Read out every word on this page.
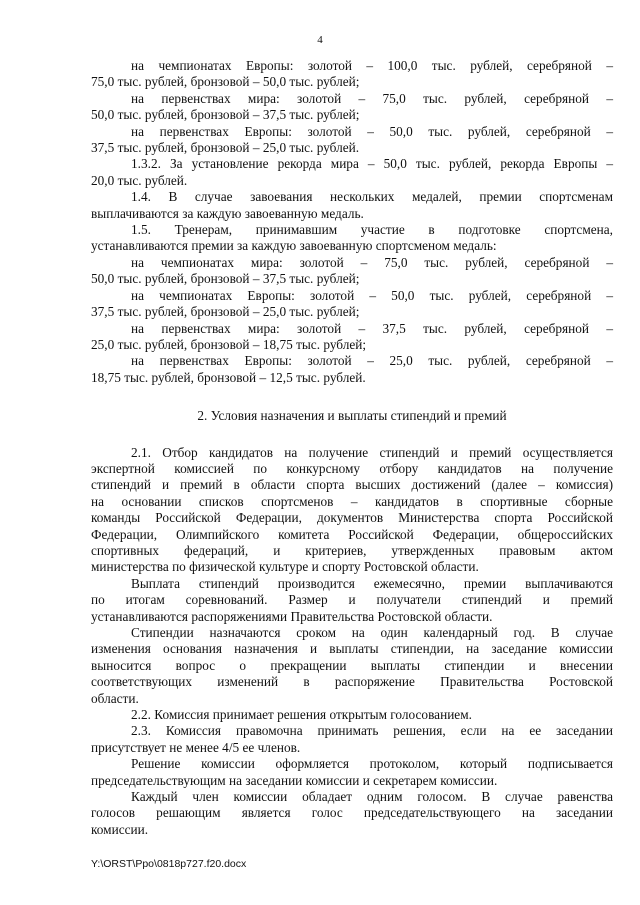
4
на чемпионатах Европы: золотой – 100,0 тыс. рублей, серебряной –
75,0 тыс. рублей, бронзовой – 50,0 тыс. рублей;
на первенствах мира: золотой – 75,0 тыс. рублей, серебряной –
50,0 тыс. рублей, бронзовой – 37,5 тыс. рублей;
на первенствах Европы: золотой – 50,0 тыс. рублей, серебряной –
37,5 тыс. рублей, бронзовой – 25,0 тыс. рублей.
1.3.2. За установление рекорда мира – 50,0 тыс. рублей, рекорда Европы –
20,0 тыс. рублей.
1.4. В случае завоевания нескольких медалей, премии спортсменам
выплачиваются за каждую завоеванную медаль.
1.5. Тренерам, принимавшим участие в подготовке спортсмена,
устанавливаются премии за каждую завоеванную спортсменом медаль:
на чемпионатах мира: золотой – 75,0 тыс. рублей, серебряной –
50,0 тыс. рублей, бронзовой – 37,5 тыс. рублей;
на чемпионатах Европы: золотой – 50,0 тыс. рублей, серебряной –
37,5 тыс. рублей, бронзовой – 25,0 тыс. рублей;
на первенствах мира: золотой – 37,5 тыс. рублей, серебряной –
25,0 тыс. рублей, бронзовой – 18,75 тыс. рублей;
на первенствах Европы: золотой – 25,0 тыс. рублей, серебряной –
18,75 тыс. рублей, бронзовой – 12,5 тыс. рублей.
2. Условия назначения и выплаты стипендий и премий
2.1. Отбор кандидатов на получение стипендий и премий осуществляется
экспертной комиссией по конкурсному отбору кандидатов на получение
стипендий и премий в области спорта высших достижений (далее – комиссия)
на основании списков спортсменов – кандидатов в спортивные сборные
команды Российской Федерации, документов Министерства спорта Российской
Федерации, Олимпийского комитета Российской Федерации, общероссийских
спортивных федераций, и критериев, утвержденных правовым актом
министерства по физической культуре и спорту Ростовской области.
Выплата стипендий производится ежемесячно, премии выплачиваются
по итогам соревнований. Размер и получатели стипендий и премий
устанавливаются распоряжениями Правительства Ростовской области.
Стипендии назначаются сроком на один календарный год. В случае
изменения основания назначения и выплаты стипендии, на заседание комиссии
выносится вопрос о прекращении выплаты стипендии и внесении
соответствующих изменений в распоряжение Правительства Ростовской
области.
2.2. Комиссия принимает решения открытым голосованием.
2.3. Комиссия правомочна принимать решения, если на ее заседании
присутствует не менее 4/5 ее членов.
Решение комиссии оформляется протоколом, который подписывается
председательствующим на заседании комиссии и секретарем комиссии.
Каждый член комиссии обладает одним голосом. В случае равенства
голосов решающим является голос председательствующего на заседании
комиссии.
Y:\ORST\Ppo\0818p727.f20.docx
